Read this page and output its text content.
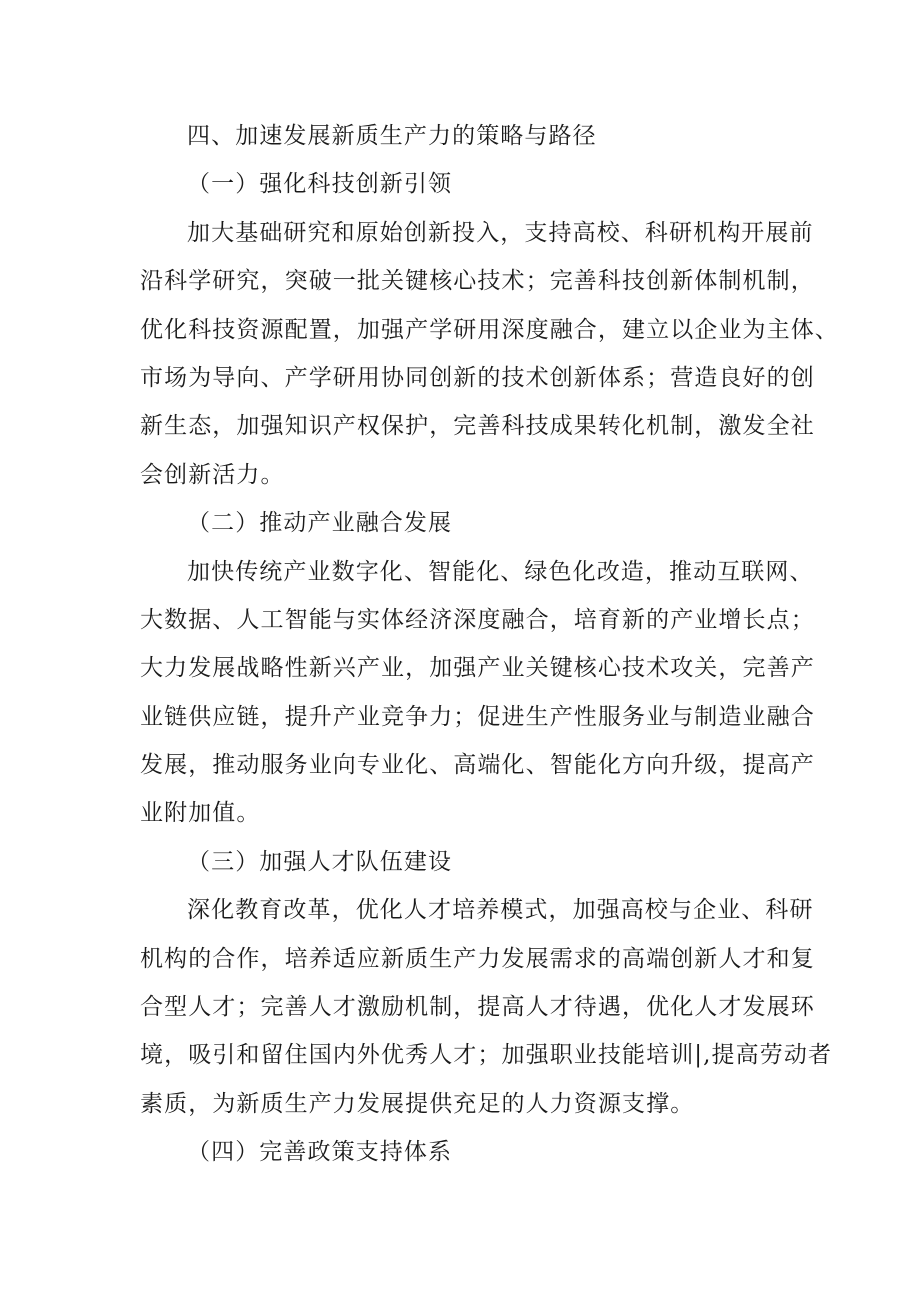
四、加速发展新质生产力的策略与路径
（一）强化科技创新引领
加大基础研究和原始创新投入，支持高校、科研机构开展前
沿科学研究，突破一批关键核心技术；完善科技创新体制机制，
优化科技资源配置，加强产学研用深度融合，建立以企业为主体、
市场为导向、产学研用协同创新的技术创新体系；营造良好的创
新生态，加强知识产权保护，完善科技成果转化机制，激发全社
会创新活力。
（二）推动产业融合发展
加快传统产业数字化、智能化、绿色化改造，推动互联网、
大数据、人工智能与实体经济深度融合，培育新的产业增长点；
大力发展战略性新兴产业，加强产业关键核心技术攻关，完善产
业链供应链，提升产业竞争力；促进生产性服务业与制造业融合
发展，推动服务业向专业化、高端化、智能化方向升级，提高产
业附加值。
（三）加强人才队伍建设
深化教育改革，优化人才培养模式，加强高校与企业、科研
机构的合作，培养适应新质生产力发展需求的高端创新人才和复
合型人才；完善人才激励机制，提高人才待遇，优化人才发展环
境，吸引和留住国内外优秀人才；加强职业技能培训|,提高劳动者
素质，为新质生产力发展提供充足的人力资源支撑。
（四）完善政策支持体系
